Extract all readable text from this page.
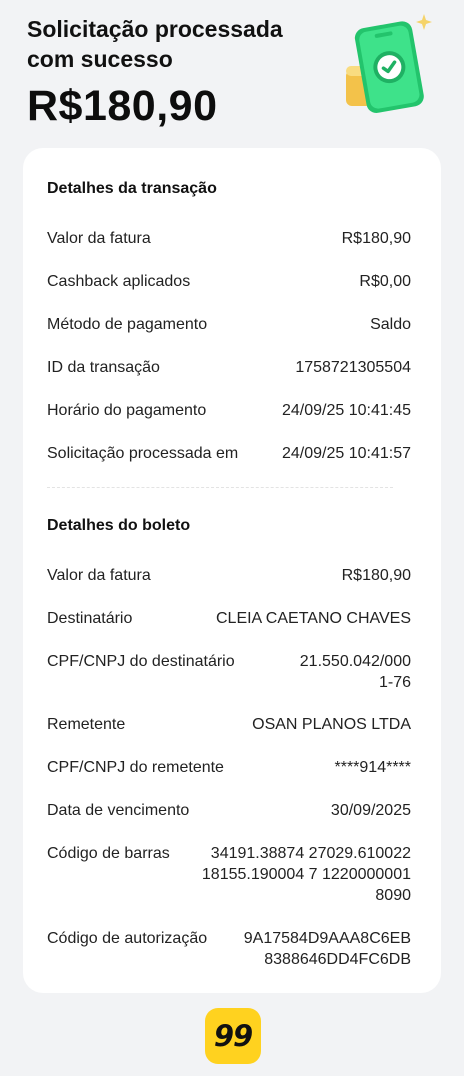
Solicitação processada com sucesso
R$180,90
Detalhes da transação
Valor da fatura	R$180,90
Cashback aplicados	R$0,00
Método de pagamento	Saldo
ID da transação	1758721305504
Horário do pagamento	24/09/25 10:41:45
Solicitação processada em	24/09/25 10:41:57
Detalhes do boleto
Valor da fatura	R$180,90
Destinatário	CLEIA CAETANO CHAVES
CPF/CNPJ do destinatário	21.550.042/0001-76
Remetente	OSAN PLANOS LTDA
CPF/CNPJ do remetente	****914****
Data de vencimento	30/09/2025
Código de barras	34191.38874 27029.610022 18155.190004 7 12200000018090
Código de autorização 9A17584D9AAA8C6EB8388646DD4FC6DB
99
